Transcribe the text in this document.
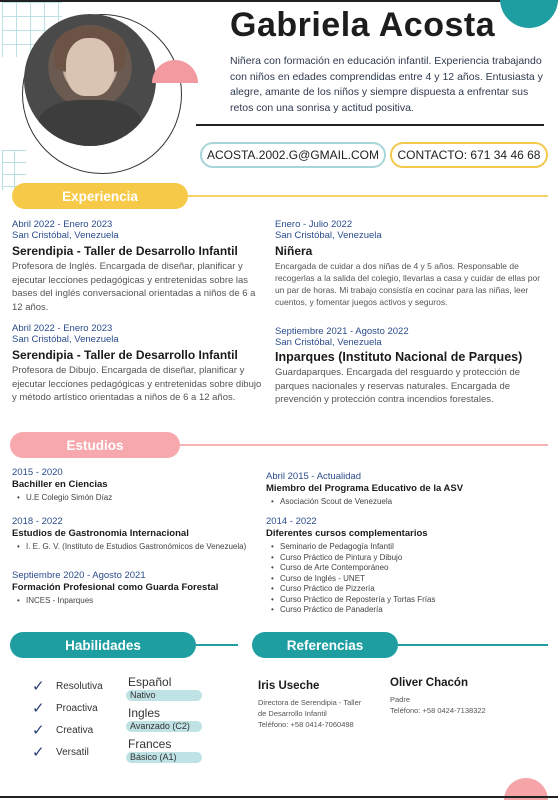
Gabriela Acosta
Niñera con formación en educación infantil. Experiencia trabajando con niños en edades comprendidas entre 4 y 12 años. Entusiasta y alegre, amante de los niños y siempre dispuesta a enfrentar sus retos con una sonrisa y actitud positiva.
ACOSTA.2002.G@GMAIL.COM CONTACTO: 671 34 46 68
Experiencia
Abril 2022 - Enero 2023
San Cristóbal, Venezuela
Serendipia - Taller de Desarrollo Infantil
Profesora de Inglés. Encargada de diseñar, planificar y ejecutar lecciones pedagógicas y entretenidas sobre las bases del inglés conversacional orientadas a niños de 6 a 12 años.
Abril 2022 - Enero 2023
San Cristóbal, Venezuela
Serendipia - Taller de Desarrollo Infantil
Profesora de Dibujo. Encargada de diseñar, planificar y ejecutar lecciones pedagógicas y entretenidas sobre dibujo y método artístico orientadas a niños de 6 a 12 años.
Enero - Julio 2022
San Cristóbal, Venezuela
Niñera
Encargada de cuidar a dos niñas de 4 y 5 años. Responsable de recogerlas a la salida del colegio, llevarlas a casa y cuidar de ellas por un par de horas. Mi trabajo consistía en cocinar para las niñas, leer cuentos, y fomentar juegos activos y seguros.
Septiembre 2021 - Agosto 2022
San Cristóbal, Venezuela
Inparques (Instituto Nacional de Parques)
Guardaparques. Encargada del resguardo y protección de parques nacionales y reservas naturales. Encargada de prevención y protección contra incendios forestales.
Estudios
2015 - 2020
Bachiller en Ciencias
• U.E Colegio Simón Díaz
2018 - 2022
Estudios de Gastronomia Internacional
• I. E. G. V. (Instituto de Estudios Gastronómicos de Venezuela)
Septiembre 2020 - Agosto 2021
Formación Profesional como Guarda Forestal
• INCES - Inparques
Abril 2015 - Actualidad
Miembro del Programa Educativo de la ASV
• Asociación Scout de Venezuela
2014 - 2022
Diferentes cursos complementarios
• Seminario de Pedagogía Infantil
• Curso Práctico de Pintura y Dibujo
• Curso de Arte Contemporáneo
• Curso de Inglés - UNET
• Curso Práctico de Pizzería
• Curso Práctico de Repostería y Tortas Frías
• Curso Práctico de Panadería
Habilidades
✓	Resolutiva
✓	Proactiva
✓	Creativa
✓	Versatil
Español
Nativo
Ingles
Avanzado (C2)
Frances
Básico (A1)
Referencias
Iris Useche
Directora de Serendipia - Taller
de Desarrollo Infantil
Teléfono: +58 0414-7060498
Oliver Chacón
Padre
Teléfono: +58 0424-7138322
